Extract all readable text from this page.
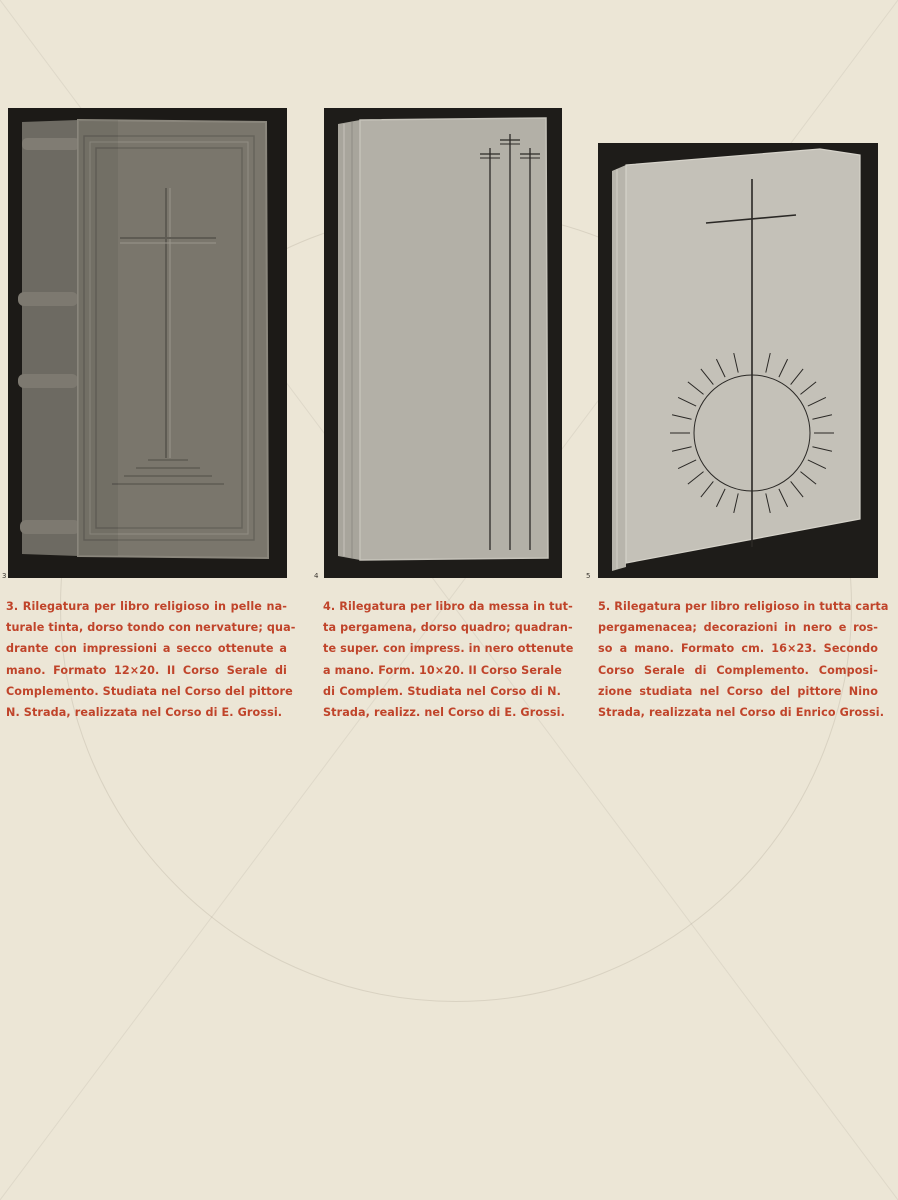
3	4	5
3. Rilegatura per libro religioso in pelle na-
turale tinta, dorso tondo con nervature; qua-
drante con impressioni a secco ottenute a
mano. Formato 12×20. II Corso Serale di
Complemento. Studiata nel Corso del pittore
N. Strada, realizzata nel Corso di E. Grossi.
4. Rilegatura per libro da messa in tut-
ta pergamena, dorso quadro; quadran-
te super. con impress. in nero ottenute
a mano. Form. 10×20. II Corso Serale
di Complem. Studiata nel Corso di N.
Strada, realizz. nel Corso di E. Grossi.
5. Rilegatura per libro religioso in tutta carta
pergamenacea; decorazioni in nero e ros-
so a mano. Formato cm. 16×23. Secondo
Corso Serale di Complemento. Composi-
zione studiata nel Corso del pittore Nino
Strada, realizzata nel Corso di Enrico Grossi.
